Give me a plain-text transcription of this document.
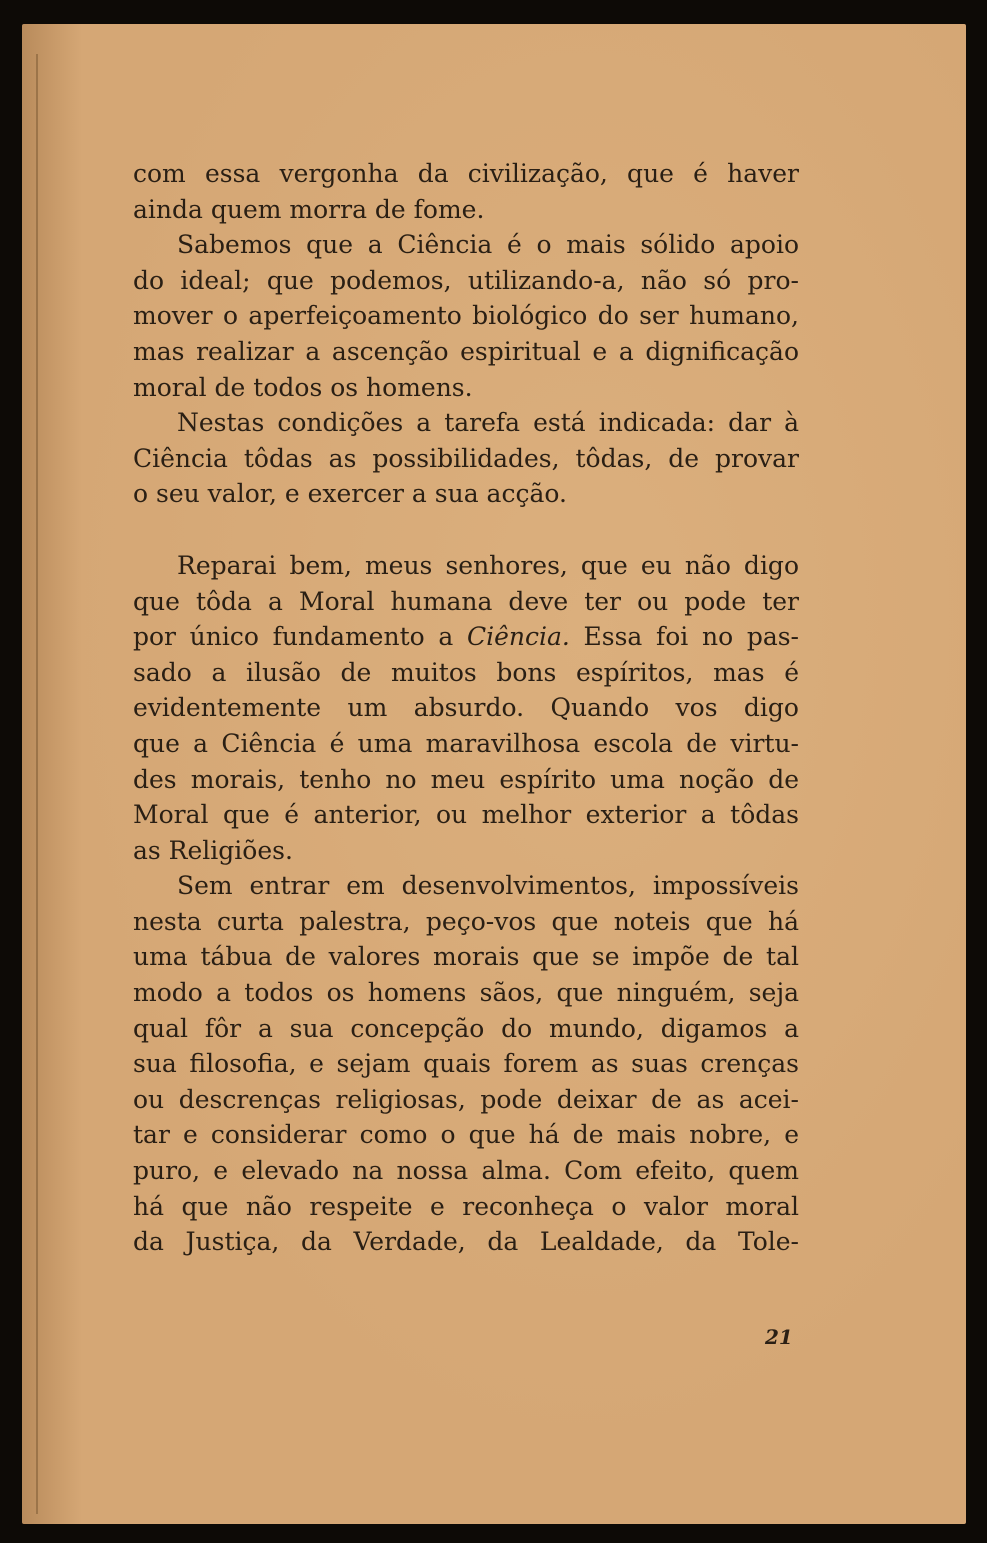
com essa vergonha da civilização, que é haver
ainda quem morra de fome.
Sabemos que a Ciência é o mais sólido apoio
do ideal; que podemos, utilizando-a, não só pro-
mover o aperfeiçoamento biológico do ser humano,
mas realizar a ascenção espiritual e a dignificação
moral de todos os homens.
Nestas condições a tarefa está indicada: dar à
Ciência tôdas as possibilidades, tôdas, de provar
o seu valor, e exercer a sua acção.
Reparai bem, meus senhores, que eu não digo
que tôda a Moral humana deve ter ou pode ter
por único fundamento a Ciência. Essa foi no pas-
sado a ilusão de muitos bons espíritos, mas é
evidentemente um absurdo. Quando vos digo
que a Ciência é uma maravilhosa escola de virtu-
des morais, tenho no meu espírito uma noção de
Moral que é anterior, ou melhor exterior a tôdas
as Religiões.
Sem entrar em desenvolvimentos, impossíveis
nesta curta palestra, peço-vos que noteis que há
uma tábua de valores morais que se impõe de tal
modo a todos os homens sãos, que ninguém, seja
qual fôr a sua concepção do mundo, digamos a
sua filosofia, e sejam quais forem as suas crenças
ou descrenças religiosas, pode deixar de as acei-
tar e considerar como o que há de mais nobre, e
puro, e elevado na nossa alma. Com efeito, quem
há que não respeite e reconheça o valor moral
da Justiça, da Verdade, da Lealdade, da Tole-
21
